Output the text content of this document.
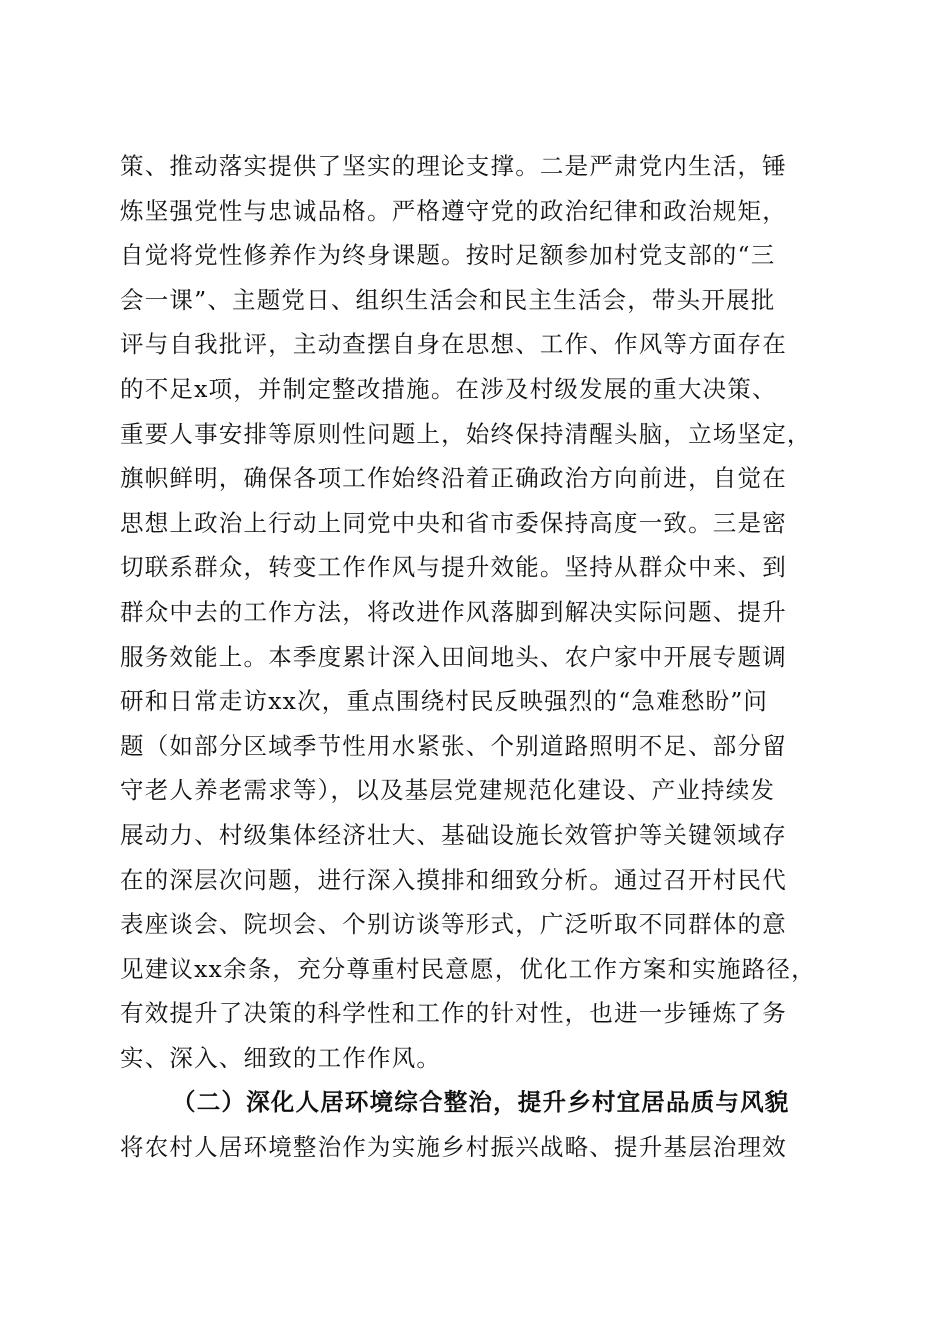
策、推动落实提供了坚实的理论支撑。二是严肃党内生活，锤
炼坚强党性与忠诚品格。严格遵守党的政治纪律和政治规矩，
自觉将党性修养作为终身课题。按时足额参加村党支部的“三
会一课”、主题党日、组织生活会和民主生活会，带头开展批
评与自我批评，主动查摆自身在思想、工作、作风等方面存在
的不足x项，并制定整改措施。在涉及村级发展的重大决策、
重要人事安排等原则性问题上，始终保持清醒头脑，立场坚定，
旗帜鲜明，确保各项工作始终沿着正确政治方向前进，自觉在
思想上政治上行动上同党中央和省市委保持高度一致。三是密
切联系群众，转变工作作风与提升效能。坚持从群众中来、到
群众中去的工作方法，将改进作风落脚到解决实际问题、提升
服务效能上。本季度累计深入田间地头、农户家中开展专题调
研和日常走访xx次，重点围绕村民反映强烈的“急难愁盼”问
题（如部分区域季节性用水紧张、个别道路照明不足、部分留
守老人养老需求等），以及基层党建规范化建设、产业持续发
展动力、村级集体经济壮大、基础设施长效管护等关键领域存
在的深层次问题，进行深入摸排和细致分析。通过召开村民代
表座谈会、院坝会、个别访谈等形式，广泛听取不同群体的意
见建议xx余条，充分尊重村民意愿，优化工作方案和实施路径，
有效提升了决策的科学性和工作的针对性，也进一步锤炼了务
实、深入、细致的工作作风。
（二）深化人居环境综合整治，提升乡村宜居品质与风貌
将农村人居环境整治作为实施乡村振兴战略、提升基层治理效
